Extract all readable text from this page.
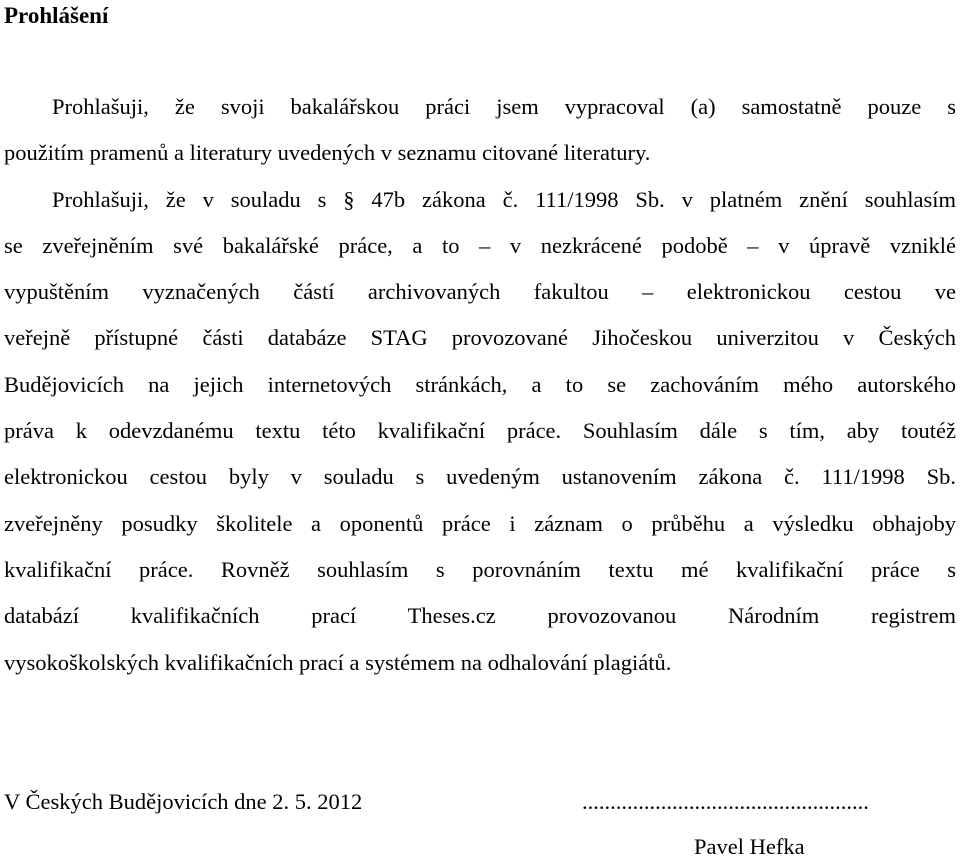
Prohlášení
Prohlašuji, že svoji bakalářskou práci jsem vypracoval (a) samostatně pouze s
použitím pramenů a literatury uvedených v seznamu citované literatury.
Prohlašuji, že v souladu s § 47b zákona č. 111/1998 Sb. v platném znění souhlasím
se zveřejněním své bakalářské práce, a to – v nezkrácené podobě – v úpravě vzniklé
vypuštěním vyznačených částí archivovaných fakultou – elektronickou cestou ve
veřejně přístupné části databáze STAG provozované Jihočeskou univerzitou v Českých
Budějovicích na jejich internetových stránkách, a to se zachováním mého autorského
práva k odevzdanému textu této kvalifikační práce. Souhlasím dále s tím, aby toutéž
elektronickou cestou byly v souladu s uvedeným ustanovením zákona č. 111/1998 Sb.
zveřejněny posudky školitele a oponentů práce i záznam o průběhu a výsledku obhajoby
kvalifikační práce. Rovněž souhlasím s porovnáním textu mé kvalifikační práce s
databází kvalifikačních prací Theses.cz provozovanou Národním registrem
vysokoškolských kvalifikačních prací a systémem na odhalování plagiátů.

V Českých Budějovicích dne 2. 5. 2012	...................................................

Pavel Hefka
